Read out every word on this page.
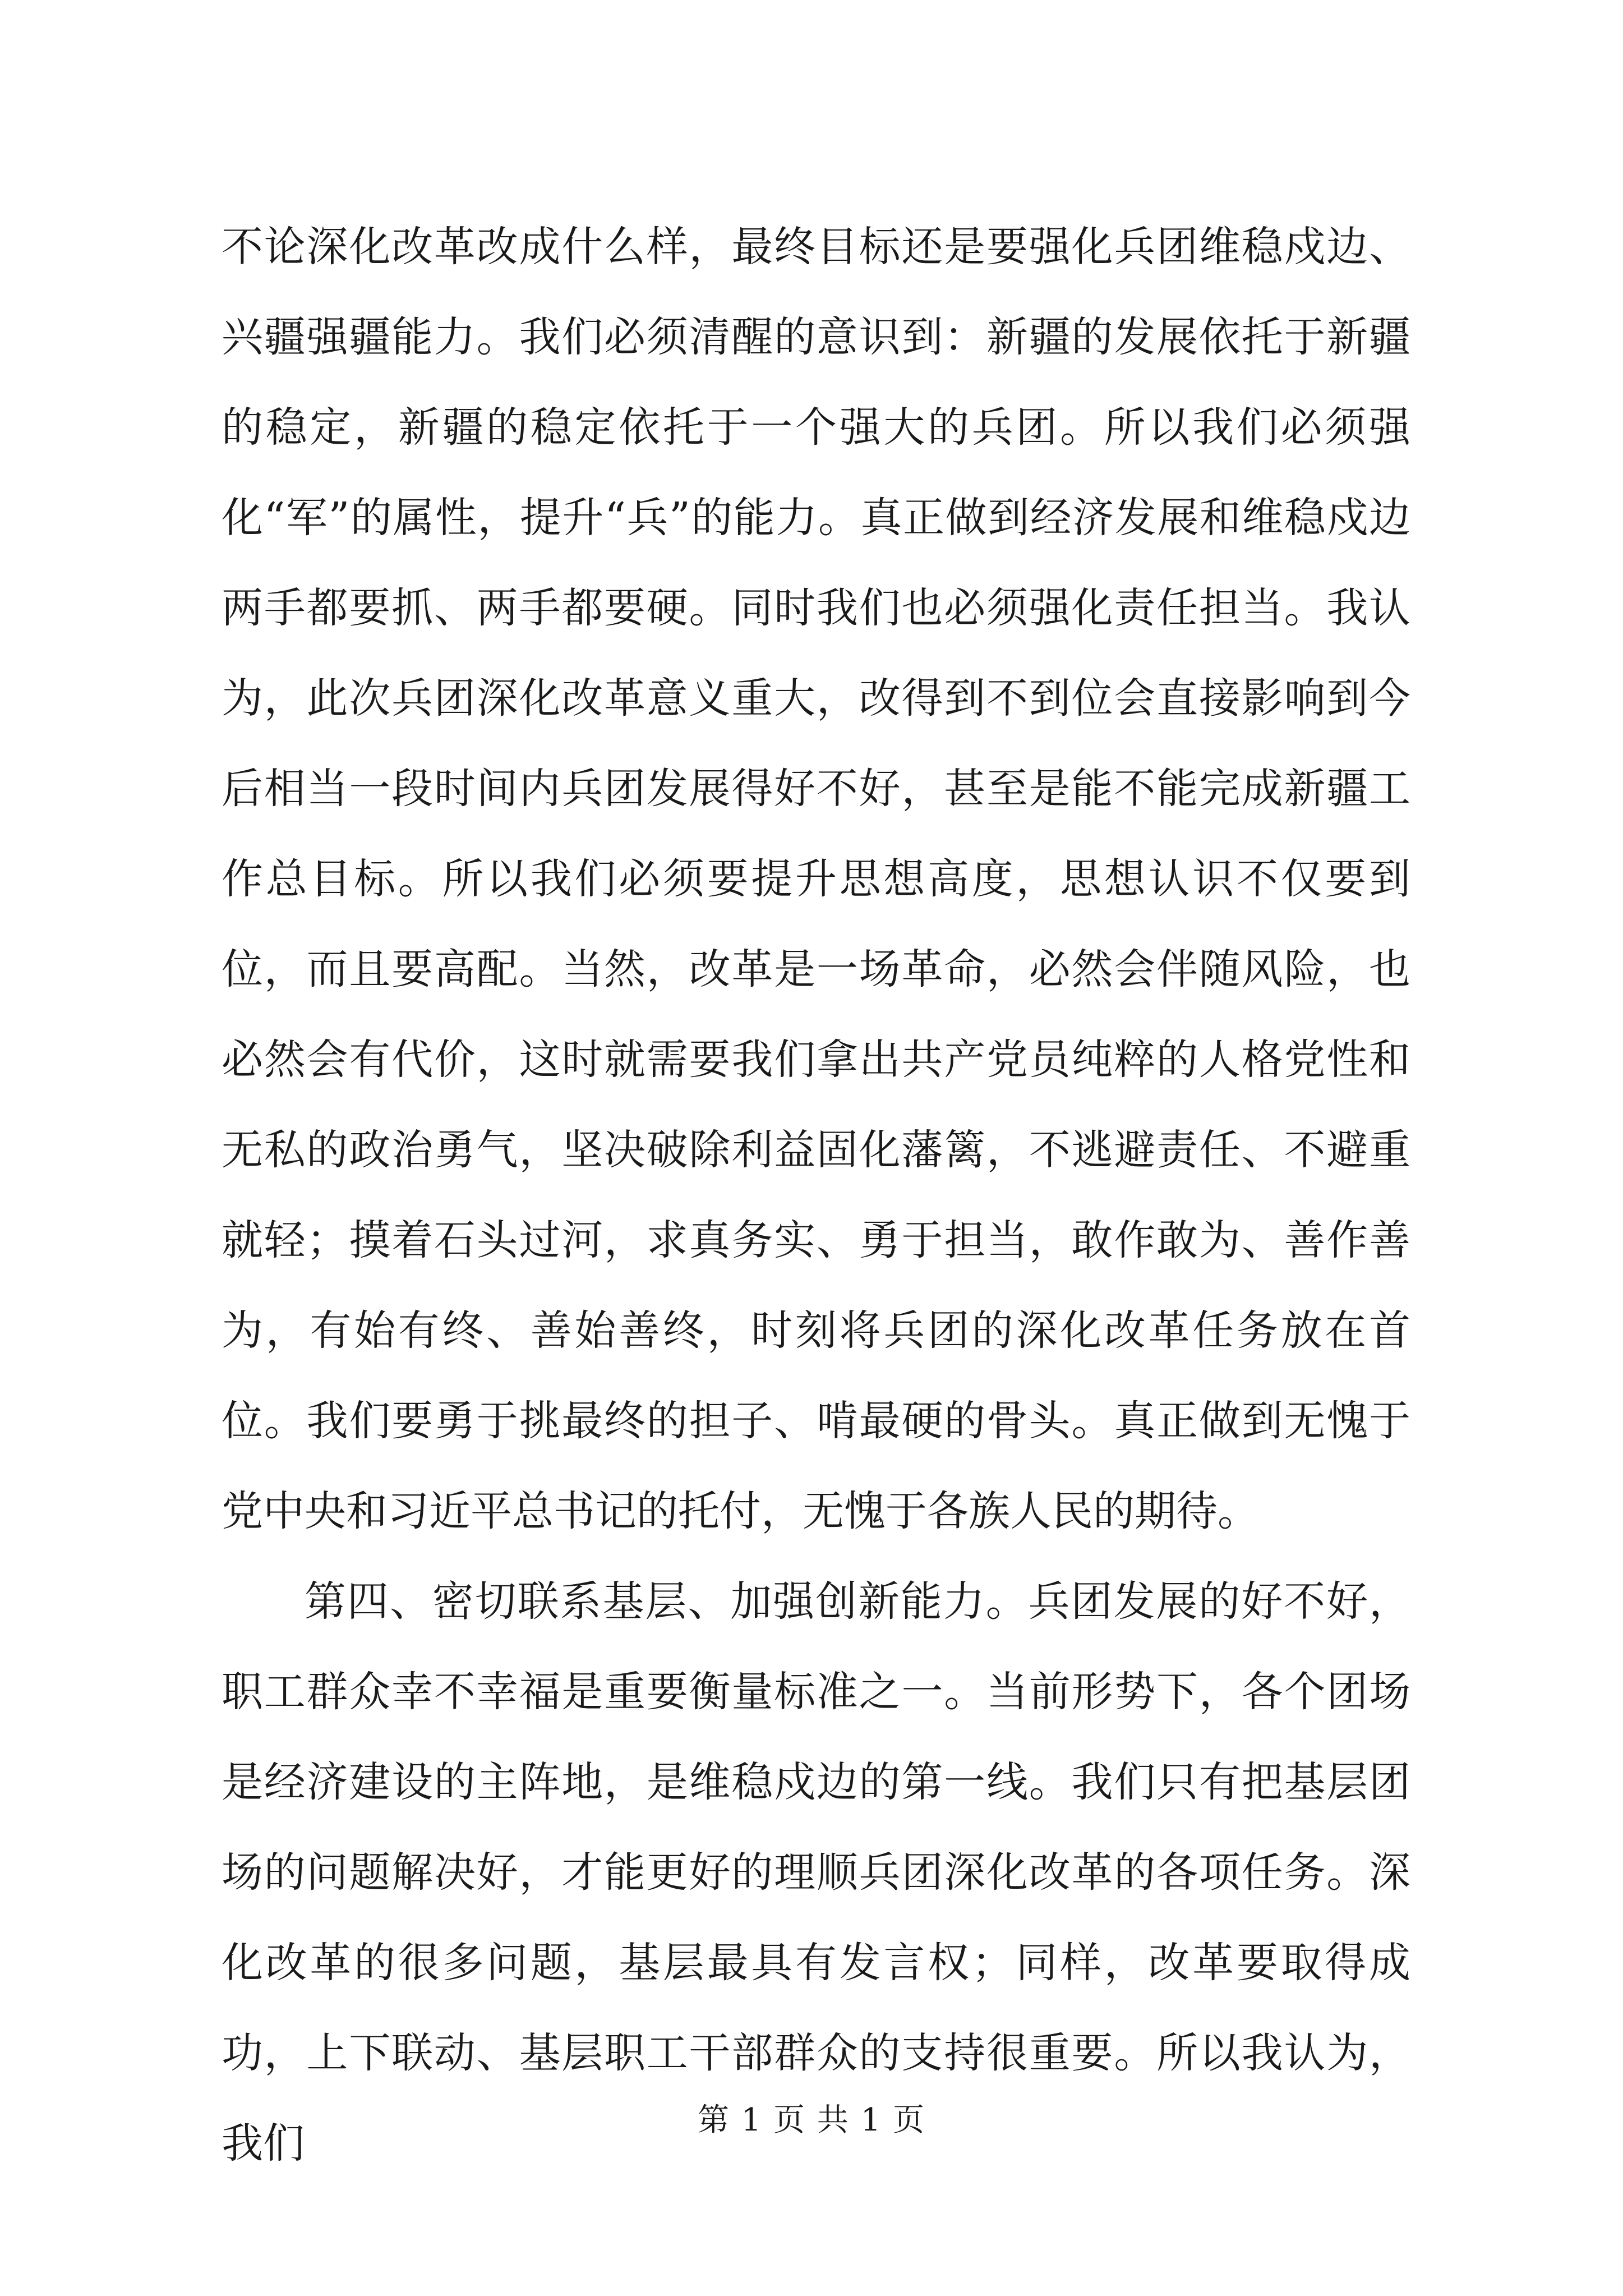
不论深化改革改成什么样，最终目标还是要强化兵团维稳戍边、兴疆强疆能力。我们必须清醒的意识到：新疆的发展依托于新疆的稳定，新疆的稳定依托于一个强大的兵团。所以我们必须强化“军”的属性，提升“兵”的能力。真正做到经济发展和维稳戍边两手都要抓、两手都要硬。同时我们也必须强化责任担当。我认为，此次兵团深化改革意义重大，改得到不到位会直接影响到今后相当一段时间内兵团发展得好不好，甚至是能不能完成新疆工作总目标。所以我们必须要提升思想高度，思想认识不仅要到位，而且要高配。当然，改革是一场革命，必然会伴随风险，也必然会有代价，这时就需要我们拿出共产党员纯粹的人格党性和无私的政治勇气，坚决破除利益固化藩篱，不逃避责任、不避重就轻；摸着石头过河，求真务实、勇于担当，敢作敢为、善作善为，有始有终、善始善终，时刻将兵团的深化改革任务放在首位。我们要勇于挑最终的担子、啃最硬的骨头。真正做到无愧于党中央和习近平总书记的托付，无愧于各族人民的期待。

第四、密切联系基层、加强创新能力。兵团发展的好不好，职工群众幸不幸福是重要衡量标准之一。当前形势下，各个团场是经济建设的主阵地，是维稳戍边的第一线。我们只有把基层团场的问题解决好，才能更好的理顺兵团深化改革的各项任务。深化改革的很多问题，基层最具有发言权；同样，改革要取得成功，上下联动、基层职工干部群众的支持很重要。所以我认为，我们	第 1 页 共 1 页
